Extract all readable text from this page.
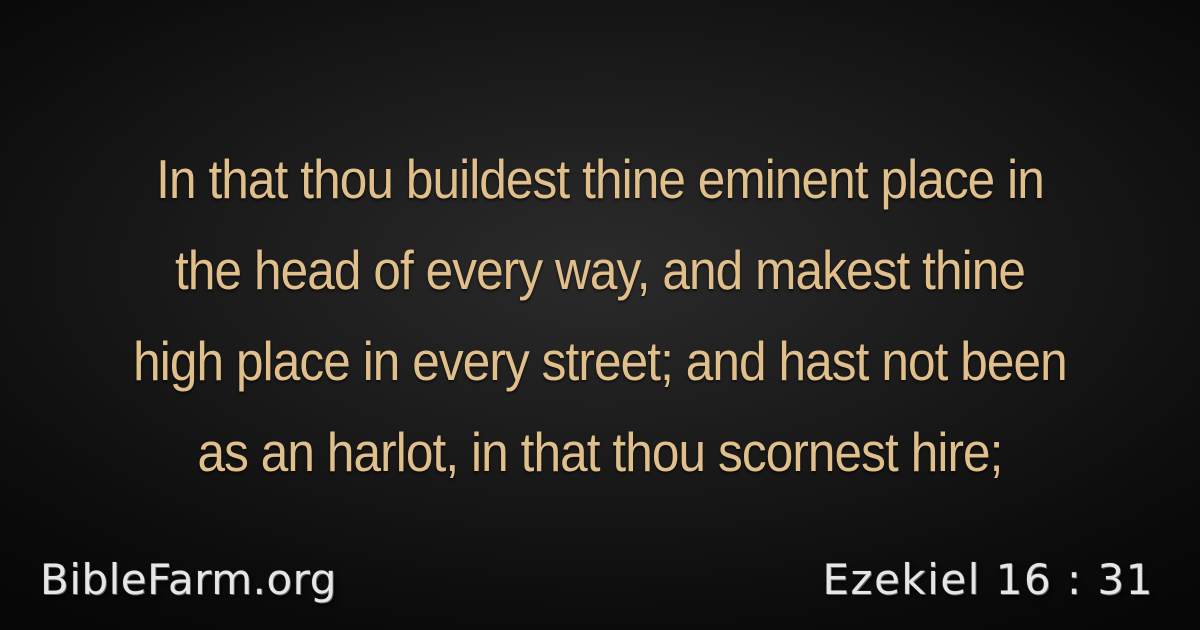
In that thou buildest thine eminent place in
the head of every way, and makest thine
high place in every street; and hast not been
as an harlot, in that thou scornest hire;

BibleFarm.org	Ezekiel 16 : 31
